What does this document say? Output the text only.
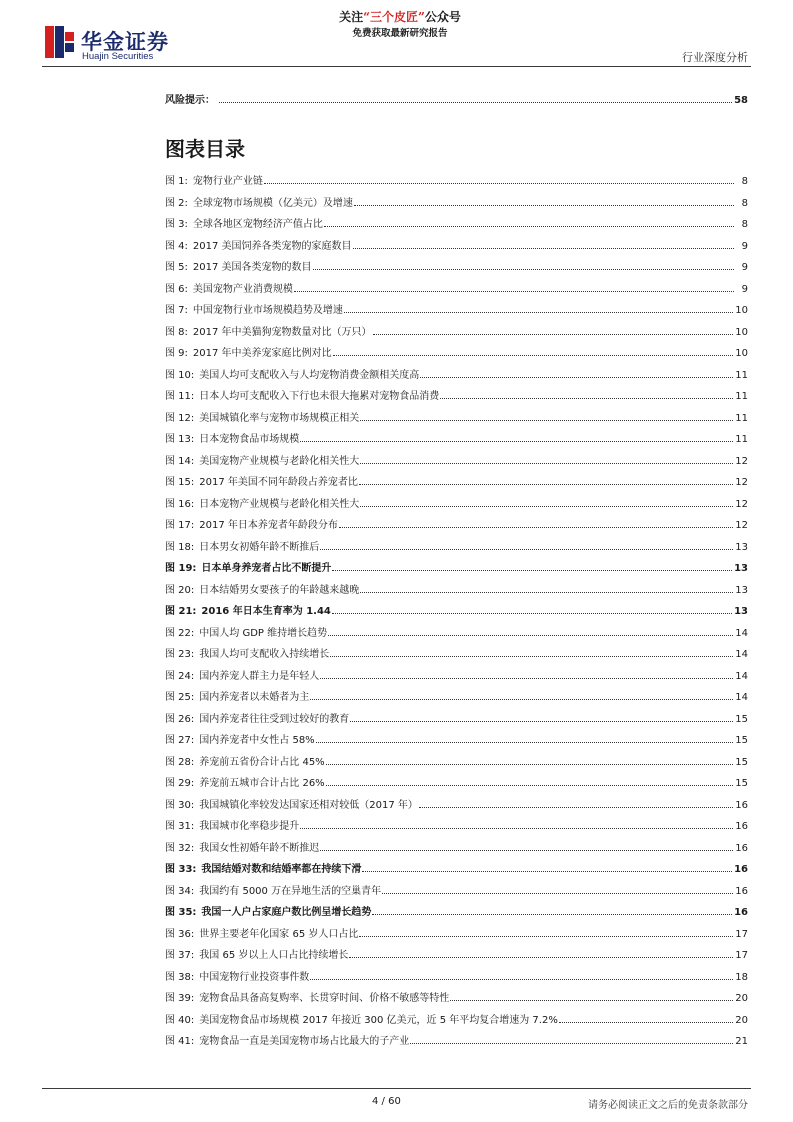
华金证券
Huajin Securities
关注“三个皮匠”公众号
免费获取最新研究报告
行业深度分析
风险提示：	58
图表目录
图 1: 宠物行业产业链	8
图 2: 全球宠物市场规模（亿美元）及增速	8
图 3: 全球各地区宠物经济产值占比	8
图 4: 2017 美国饲养各类宠物的家庭数目	9
图 5: 2017 美国各类宠物的数目	9
图 6: 美国宠物产业消费规模	9
图 7: 中国宠物行业市场规模趋势及增速	10
图 8: 2017 年中美猫狗宠物数量对比（万只）	10
图 9: 2017 年中美养宠家庭比例对比	10
图 10: 美国人均可支配收入与人均宠物消费金额相关度高	11
图 11: 日本人均可支配收入下行也未很大拖累对宠物食品消费	11
图 12: 美国城镇化率与宠物市场规模正相关	11
图 13: 日本宠物食品市场规模	11
图 14: 美国宠物产业规模与老龄化相关性大	12
图 15: 2017 年美国不同年龄段占养宠者比	12
图 16: 日本宠物产业规模与老龄化相关性大	12
图 17: 2017 年日本养宠者年龄段分布	12
图 18: 日本男女初婚年龄不断推后	13
图 19: 日本单身养宠者占比不断提升	13
图 20: 日本结婚男女要孩子的年龄越来越晚	13
图 21: 2016 年日本生育率为 1.44	13
图 22: 中国人均 GDP 维持增长趋势	14
图 23: 我国人均可支配收入持续增长	14
图 24: 国内养宠人群主力是年轻人	14
图 25: 国内养宠者以未婚者为主	14
图 26: 国内养宠者往往受到过较好的教育	15
图 27: 国内养宠者中女性占 58%	15
图 28: 养宠前五省份合计占比 45%	15
图 29: 养宠前五城市合计占比 26%	15
图 30: 我国城镇化率较发达国家还相对较低（2017 年）	16
图 31: 我国城市化率稳步提升	16
图 32: 我国女性初婚年龄不断推迟	16
图 33: 我国结婚对数和结婚率都在持续下滑	16
图 34: 我国约有 5000 万在异地生活的空巢青年	16
图 35: 我国一人户占家庭户数比例呈增长趋势	16
图 36: 世界主要老年化国家 65 岁人口占比	17
图 37: 我国 65 岁以上人口占比持续增长	17
图 38: 中国宠物行业投资事件数	18
图 39: 宠物食品具备高复购率、长贯穿时间、价格不敏感等特性	20
图 40: 美国宠物食品市场规模 2017 年接近 300 亿美元，近 5 年平均复合增速为 7.2%	20
图 41: 宠物食品一直是美国宠物市场占比最大的子产业	21
4 / 60	请务必阅读正文之后的免责条款部分
